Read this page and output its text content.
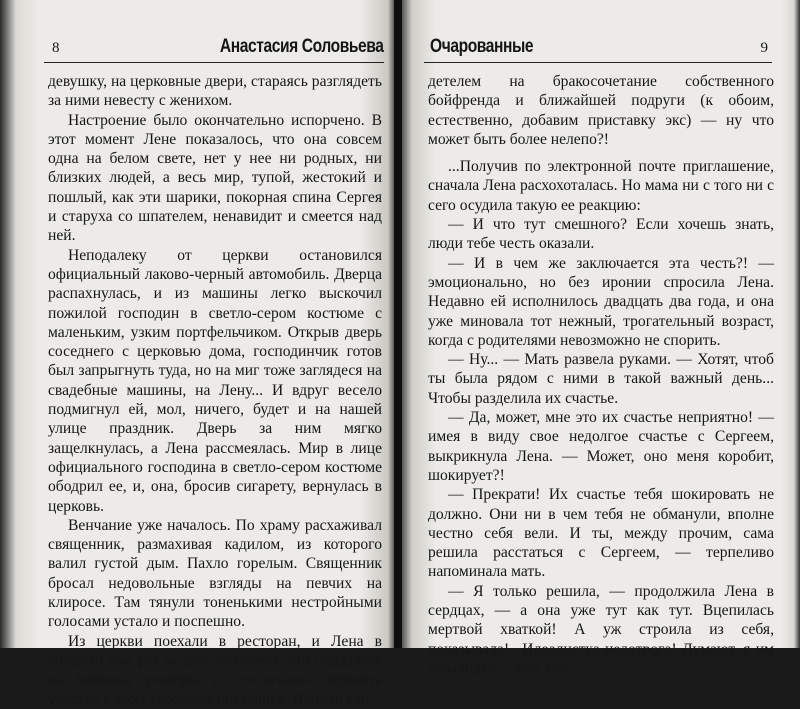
8	Анастасия Соловьева

девушку, на церковные двери, стараясь разглядеть за ними невесту с женихом.

Настроение было окончательно испорчено. В этот момент Лене показалось, что она совсем одна на белом свете, нет у нее ни родных, ни близких людей, а весь мир, тупой, жестокий и пошлый, как эти шарики, покорная спина Сергея и старуха со шпателем, ненавидит и смеется над ней.

Неподалеку от церкви остановился официальный лаково-черный автомобиль. Дверца распахнулась, и из машины легко выскочил пожилой господин в светло-сером костюме с маленьким, узким портфельчиком. Открыв дверь соседнего с церковью дома, господинчик готов был запрыгнуть туда, но на миг тоже заглядеся на свадебные машины, на Лену... И вдруг весело подмигнул ей, мол, ничего, будет и на нашей улице праздник. Дверь за ним мягко защелкнулась, а Лена рассмеялась. Мир в лице официального господина в светло-сером костюме ободрил ее, и, она, бросив сигарету, вернулась в церковь.

Венчание уже началось. По храму расхаживал священник, размахивая кадилом, из которого валил густой дым. Пахло горелым. Священник бросал недовольные взгляды на певчих на клиросе. Там тянули тоненькими нестройными голосами устало и поспешно.

Из церкви поехали в ресторан, и Лена в который уже раз за день пожалела, что поддалась на мамины уговоры и согласилась принять участие в этом угробном празднике. Прийти сви-

Очарованные	9

детелем на бракосочетание собственного бойфренда и ближайшей подруги (к обоим, естественно, добавим приставку экс) — ну что может быть более нелепо?!

...Получив по электронной почте приглашение, сначала Лена расхохоталась. Но мама ни с того ни с сего осудила такую ее реакцию:

— И что тут смешного? Если хочешь знать, люди тебе честь оказали.

— И в чем же заключается эта честь?! — эмоционально, но без иронии спросила Лена. Недавно ей исполнилось двадцать два года, и она уже миновала тот нежный, трогательный возраст, когда с родителями невозможно не спорить.

— Ну... — Мать развела руками. — Хотят, чтоб ты была рядом с ними в такой важный день... Чтобы разделила их счастье.

— Да, может, мне это их счастье неприятно! — имея в виду свое недолгое счастье с Сергеем, выкрикнула Лена. — Может, оно меня коробит, шокирует?!

— Прекрати! Их счастье тебя шокировать не должно. Они ни в чем тебя не обманули, вполне честно себя вели. И ты, между прочим, сама решила расстаться с Сергеем, — терпеливо напоминала мать.

— Я только решила, — продолжила Лена в сердцах, — а она уже тут как тут. Вцепилась мертвой хваткой! А уж строила из себя, показывала!.. Идеалистка-недотрога! Думают, я им позавидую... Как же!
